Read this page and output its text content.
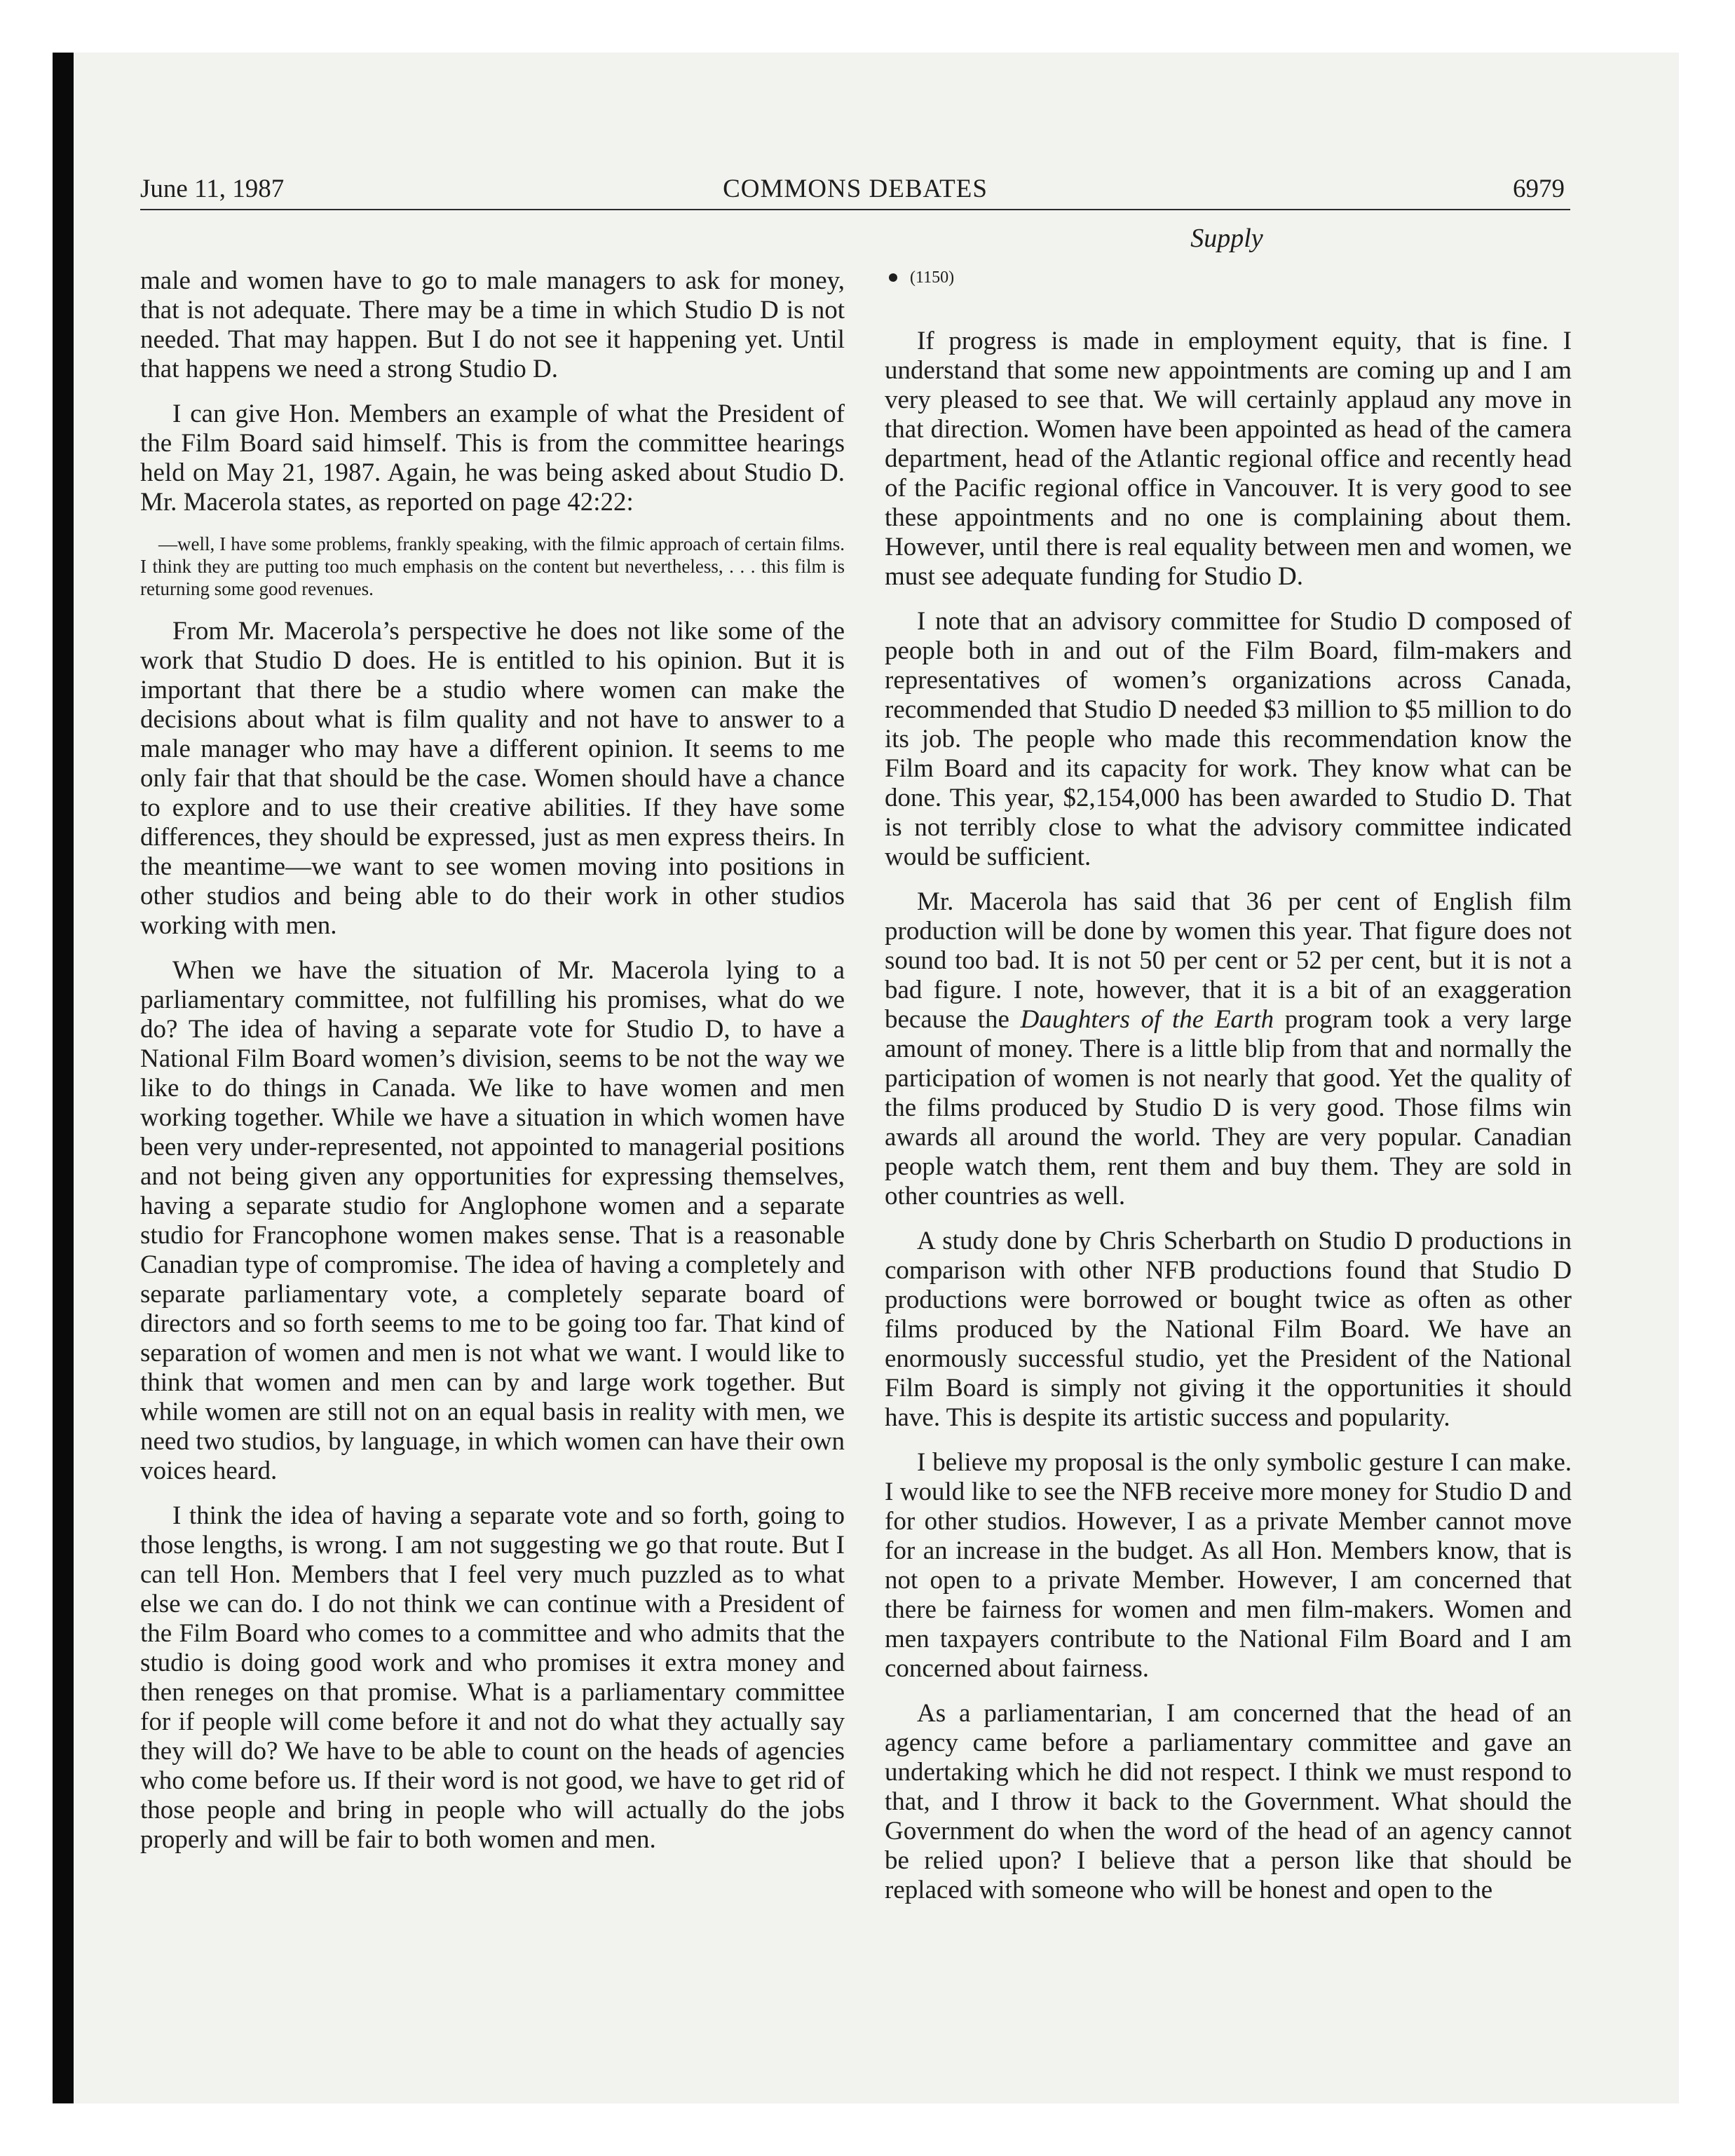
June 11, 1987	COMMONS DEBATES	6979
Supply

male and women have to go to male managers to ask for money, that is not adequate. There may be a time in which Studio D is not needed. That may happen. But I do not see it happening yet. Until that happens we need a strong Studio D.

I can give Hon. Members an example of what the President of the Film Board said himself. This is from the committee hearings held on May 21, 1987. Again, he was being asked about Studio D. Mr. Macerola states, as reported on page 42:22:

—well, I have some problems, frankly speaking, with the filmic approach of certain films. I think they are putting too much emphasis on the content but nevertheless, . . . this film is returning some good revenues.

From Mr. Macerola’s perspective he does not like some of the work that Studio D does. He is entitled to his opinion. But it is important that there be a studio where women can make the decisions about what is film quality and not have to answer to a male manager who may have a different opinion. It seems to me only fair that that should be the case. Women should have a chance to explore and to use their creative abilities. If they have some differences, they should be expressed, just as men express theirs. In the meantime—we want to see women moving into positions in other studios and being able to do their work in other studios working with men.

When we have the situation of Mr. Macerola lying to a parliamentary committee, not fulfilling his promises, what do we do? The idea of having a separate vote for Studio D, to have a National Film Board women’s division, seems to be not the way we like to do things in Canada. We like to have women and men working together. While we have a situation in which women have been very under-represented, not appointed to managerial positions and not being given any opportunities for expressing themselves, having a separate studio for Anglophone women and a separate studio for Francophone women makes sense. That is a reasonable Canadian type of compromise. The idea of having a completely and separate parliamentary vote, a completely separate board of directors and so forth seems to me to be going too far. That kind of separation of women and men is not what we want. I would like to think that women and men can by and large work together. But while women are still not on an equal basis in reality with men, we need two studios, by language, in which women can have their own voices heard.

I think the idea of having a separate vote and so forth, going to those lengths, is wrong. I am not suggesting we go that route. But I can tell Hon. Members that I feel very much puzzled as to what else we can do. I do not think we can continue with a President of the Film Board who comes to a committee and who admits that the studio is doing good work and who promises it extra money and then reneges on that promise. What is a parliamentary committee for if people will come before it and not do what they actually say they will do? We have to be able to count on the heads of agencies who come before us. If their word is not good, we have to get rid of those people and bring in people who will actually do the jobs properly and will be fair to both women and men.

(1150)

If progress is made in employment equity, that is fine. I understand that some new appointments are coming up and I am very pleased to see that. We will certainly applaud any move in that direction. Women have been appointed as head of the camera department, head of the Atlantic regional office and recently head of the Pacific regional office in Vancouver. It is very good to see these appointments and no one is complaining about them. However, until there is real equality between men and women, we must see adequate funding for Studio D.

I note that an advisory committee for Studio D composed of people both in and out of the Film Board, film-makers and representatives of women’s organizations across Canada, recommended that Studio D needed $3 million to $5 million to do its job. The people who made this recommendation know the Film Board and its capacity for work. They know what can be done. This year, $2,154,000 has been awarded to Studio D. That is not terribly close to what the advisory committee indicated would be sufficient.

Mr. Macerola has said that 36 per cent of English film production will be done by women this year. That figure does not sound too bad. It is not 50 per cent or 52 per cent, but it is not a bad figure. I note, however, that it is a bit of an exaggeration because the Daughters of the Earth program took a very large amount of money. There is a little blip from that and normally the participation of women is not nearly that good. Yet the quality of the films produced by Studio D is very good. Those films win awards all around the world. They are very popular. Canadian people watch them, rent them and buy them. They are sold in other countries as well.

A study done by Chris Scherbarth on Studio D productions in comparison with other NFB productions found that Studio D productions were borrowed or bought twice as often as other films produced by the National Film Board. We have an enormously successful studio, yet the President of the National Film Board is simply not giving it the opportunities it should have. This is despite its artistic success and popularity.

I believe my proposal is the only symbolic gesture I can make. I would like to see the NFB receive more money for Studio D and for other studios. However, I as a private Member cannot move for an increase in the budget. As all Hon. Members know, that is not open to a private Member. However, I am concerned that there be fairness for women and men film-makers. Women and men taxpayers contribute to the National Film Board and I am concerned about fairness.

As a parliamentarian, I am concerned that the head of an agency came before a parliamentary committee and gave an undertaking which he did not respect. I think we must respond to that, and I throw it back to the Government. What should the Government do when the word of the head of an agency cannot be relied upon? I believe that a person like that should be replaced with someone who will be honest and open to the
